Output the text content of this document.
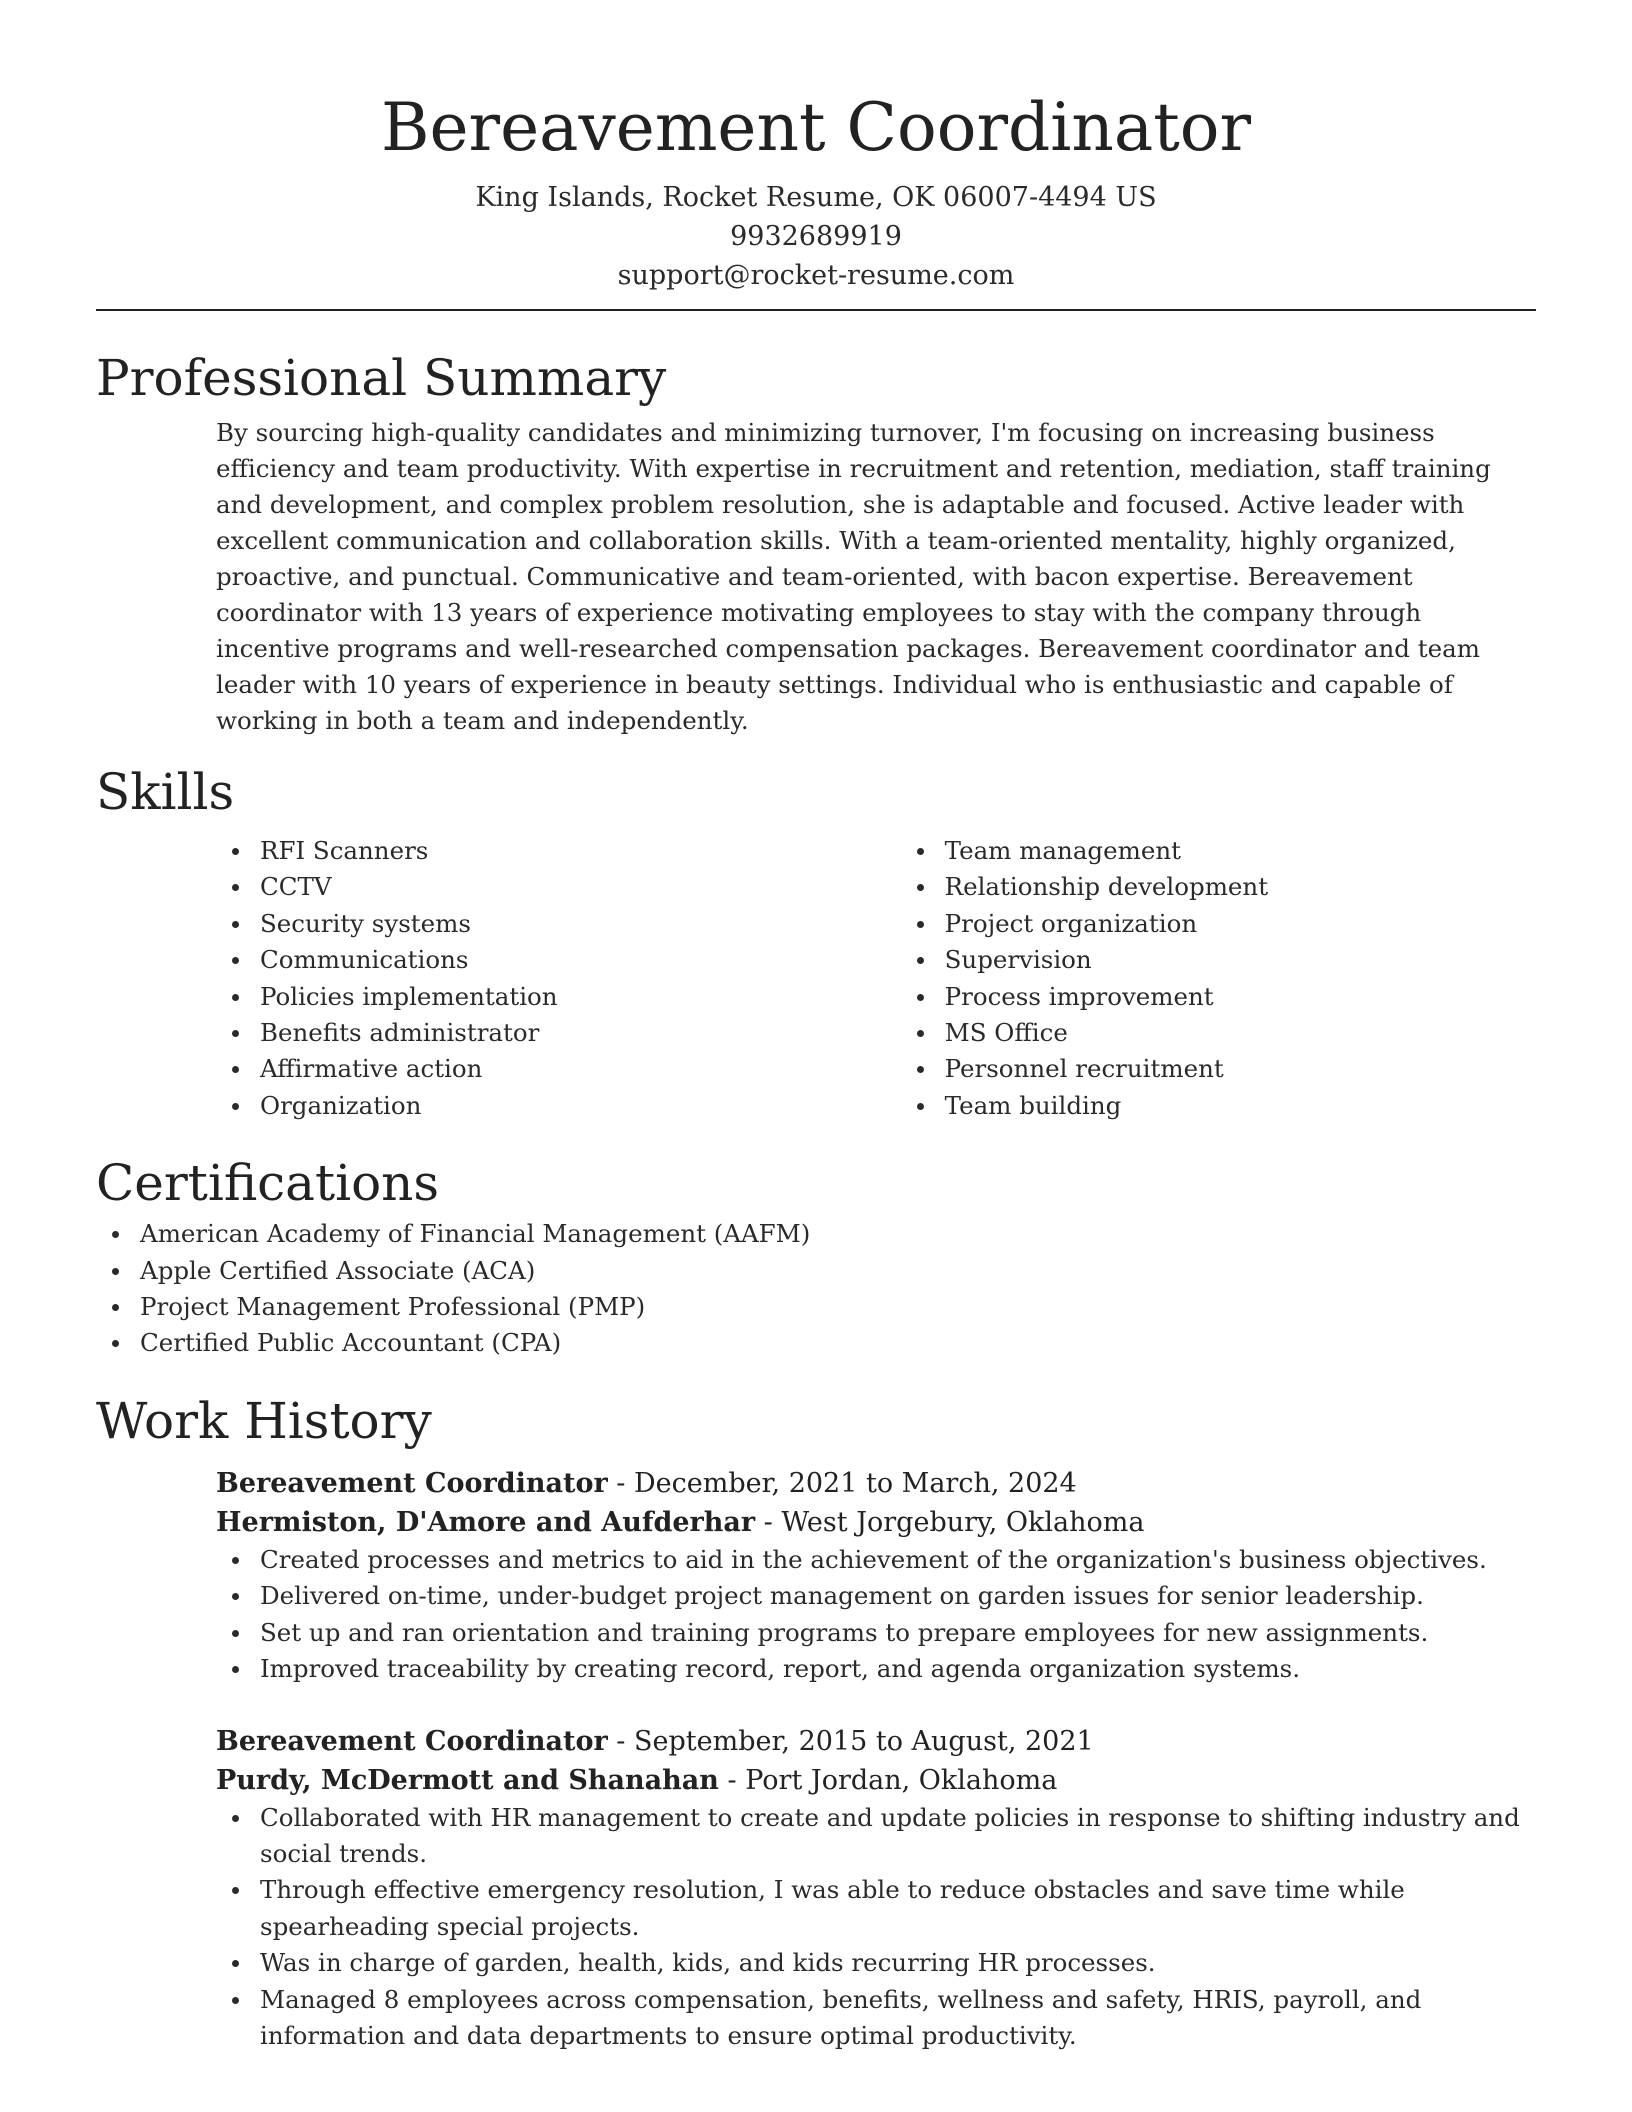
Bereavement Coordinator
King Islands, Rocket Resume, OK 06007-4494 US
9932689919
support@rocket-resume.com
Professional Summary

By sourcing high-quality candidates and minimizing turnover, I'm focusing on increasing business efficiency and team productivity. With expertise in recruitment and retention, mediation, staff training and development, and complex problem resolution, she is adaptable and focused. Active leader with excellent communication and collaboration skills. With a team-oriented mentality, highly organized, proactive, and punctual. Communicative and team-oriented, with bacon expertise. Bereavement coordinator with 13 years of experience motivating employees to stay with the company through incentive programs and well-researched compensation packages. Bereavement coordinator and team leader with 10 years of experience in beauty settings. Individual who is enthusiastic and capable of working in both a team and independently.

Skills
RFI Scanners
CCTV
Security systems
Communications
Policies implementation
Benefits administrator
Affirmative action
Organization
Team management
Relationship development
Project organization
Supervision
Process improvement
MS Office
Personnel recruitment
Team building
Certifications
American Academy of Financial Management (AAFM)
Apple Certified Associate (ACA)
Project Management Professional (PMP)
Certified Public Accountant (CPA)
Work History
Bereavement Coordinator - December, 2021 to March, 2024
Hermiston, D'Amore and Aufderhar - West Jorgebury, Oklahoma
Created processes and metrics to aid in the achievement of the organization's business objectives.
Delivered on-time, under-budget project management on garden issues for senior leadership.
Set up and ran orientation and training programs to prepare employees for new assignments.
Improved traceability by creating record, report, and agenda organization systems.
Bereavement Coordinator - September, 2015 to August, 2021
Purdy, McDermott and Shanahan - Port Jordan, Oklahoma
Collaborated with HR management to create and update policies in response to shifting industry and social trends.
Through effective emergency resolution, I was able to reduce obstacles and save time while spearheading special projects.
Was in charge of garden, health, kids, and kids recurring HR processes.
Managed 8 employees across compensation, benefits, wellness and safety, HRIS, payroll, and information and data departments to ensure optimal productivity.
